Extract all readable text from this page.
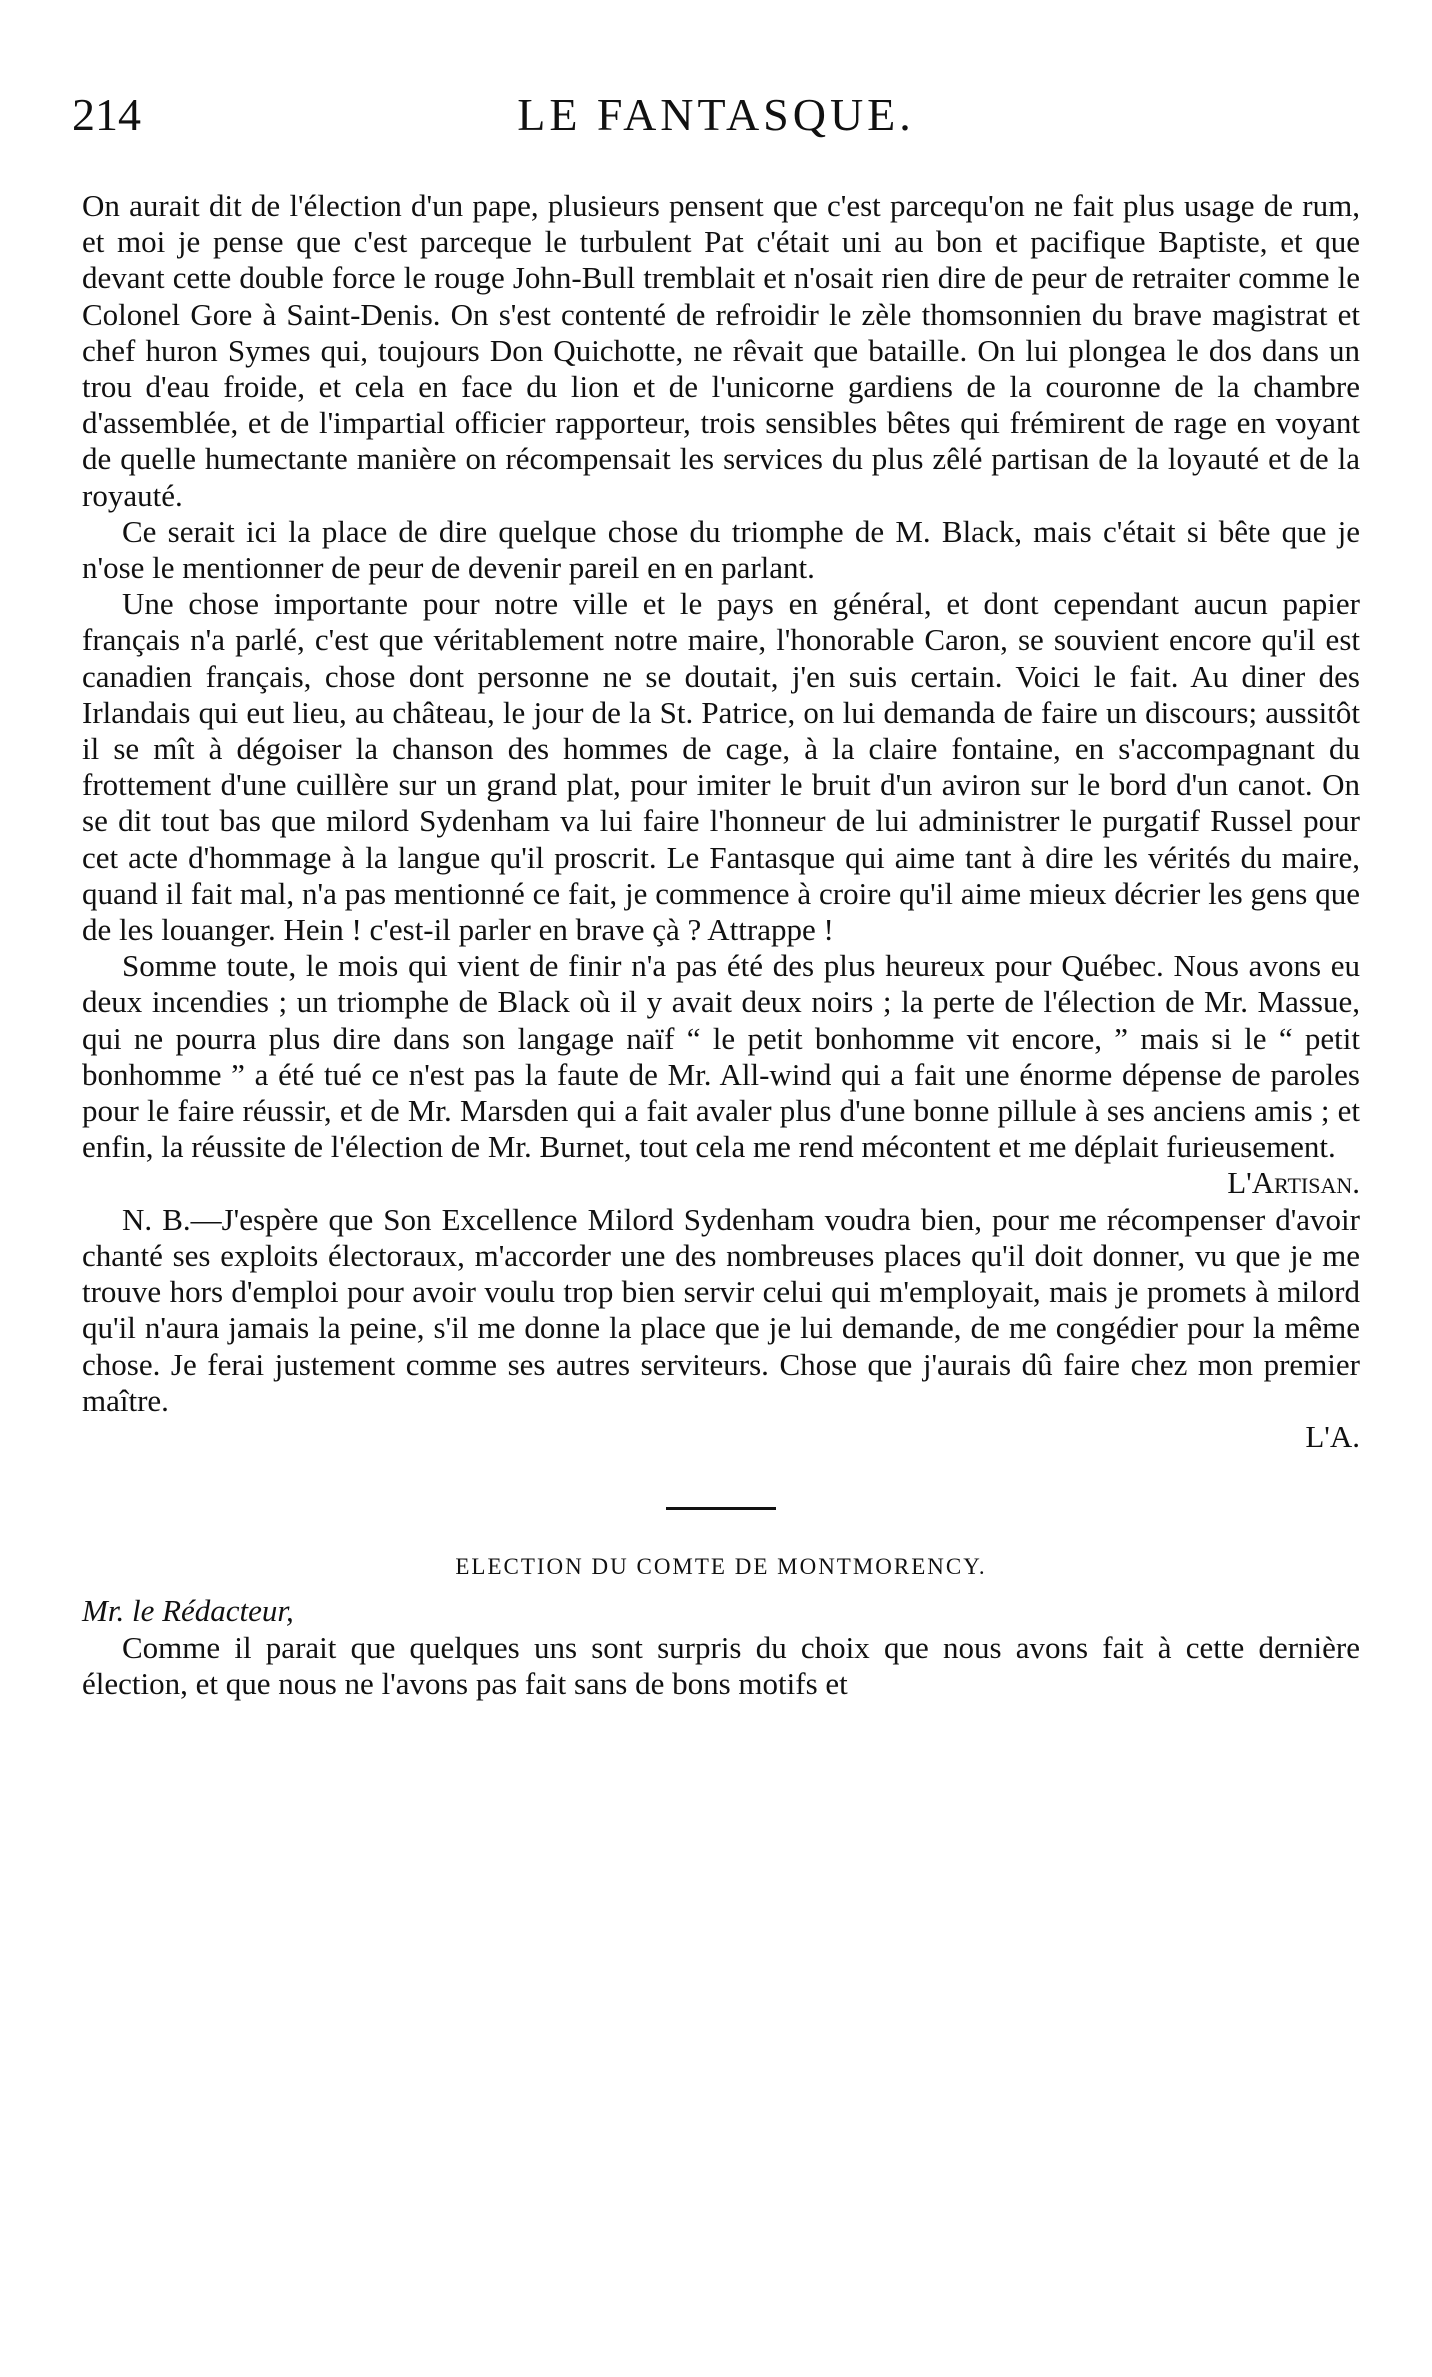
214	LE FANTASQUE.

On aurait dit de l'élection d'un pape, plusieurs pensent que c'est parcequ'on ne fait plus usage de rum, et moi je pense que c'est parceque le turbulent Pat c'était uni au bon et pacifique Baptiste, et que devant cette double force le rouge John-Bull tremblait et n'osait rien dire de peur de retraiter comme le Colonel Gore à Saint-Denis. On s'est contenté de refroidir le zèle thomsonnien du brave magistrat et chef huron Symes qui, toujours Don Quichotte, ne rêvait que bataille. On lui plongea le dos dans un trou d'eau froide, et cela en face du lion et de l'unicorne gardiens de la couronne de la chambre d'assemblée, et de l'impartial officier rapporteur, trois sensibles bêtes qui frémirent de rage en voyant de quelle humectante manière on récompensait les services du plus zêlé partisan de la loyauté et de la royauté.

Ce serait ici la place de dire quelque chose du triomphe de M. Black, mais c'était si bête que je n'ose le mentionner de peur de devenir pareil en en parlant.

Une chose importante pour notre ville et le pays en général, et dont cependant aucun papier français n'a parlé, c'est que véritablement notre maire, l'honorable Caron, se souvient encore qu'il est canadien français, chose dont personne ne se doutait, j'en suis certain. Voici le fait. Au diner des Irlandais qui eut lieu, au château, le jour de la St. Patrice, on lui demanda de faire un discours; aussitôt il se mît à dégoiser la chanson des hommes de cage, à la claire fontaine, en s'accompagnant du frottement d'une cuillère sur un grand plat, pour imiter le bruit d'un aviron sur le bord d'un canot. On se dit tout bas que milord Sydenham va lui faire l'honneur de lui administrer le purgatif Russel pour cet acte d'hommage à la langue qu'il proscrit. Le Fantasque qui aime tant à dire les vérités du maire, quand il fait mal, n'a pas mentionné ce fait, je commence à croire qu'il aime mieux décrier les gens que de les louanger. Hein ! c'est-il parler en brave çà ? Attrappe !

Somme toute, le mois qui vient de finir n'a pas été des plus heureux pour Québec. Nous avons eu deux incendies ; un triomphe de Black où il y avait deux noirs ; la perte de l'élection de Mr. Massue, qui ne pourra plus dire dans son langage naïf “ le petit bonhomme vit encore, ” mais si le “ petit bonhomme ” a été tué ce n'est pas la faute de Mr. All-wind qui a fait une énorme dépense de paroles pour le faire réussir, et de Mr. Marsden qui a fait avaler plus d'une bonne pillule à ses anciens amis ; et enfin, la réussite de l'élection de Mr. Burnet, tout cela me rend mécontent et me déplait furieusement.

L'Artisan.

N. B.—J'espère que Son Excellence Milord Sydenham voudra bien, pour me récompenser d'avoir chanté ses exploits électoraux, m'accorder une des nombreuses places qu'il doit donner, vu que je me trouve hors d'emploi pour avoir voulu trop bien servir celui qui m'employait, mais je promets à milord qu'il n'aura jamais la peine, s'il me donne la place que je lui demande, de me congédier pour la même chose. Je ferai justement comme ses autres serviteurs. Chose que j'aurais dû faire chez mon premier maître.

L'A.

ELECTION DU COMTE DE MONTMORENCY.

Mr. le Rédacteur,

Comme il parait que quelques uns sont surpris du choix que nous avons fait à cette dernière élection, et que nous ne l'avons pas fait sans de bons motifs et
